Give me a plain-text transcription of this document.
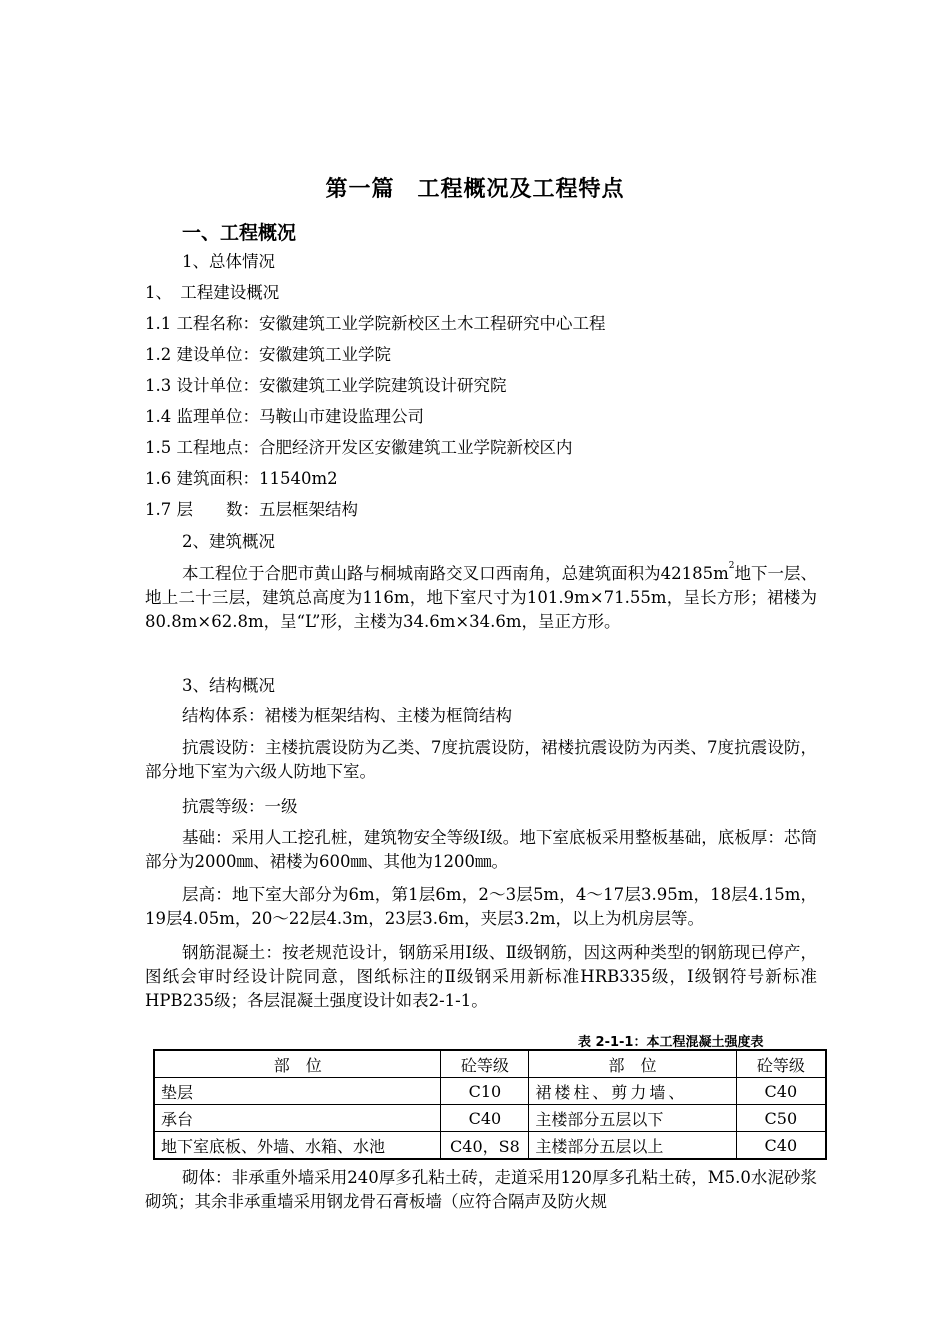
第一篇　工程概况及工程特点
一、工程概况
1、总体情况
1、　工程建设概况
1.1 工程名称：安徽建筑工业学院新校区土木工程研究中心工程
1.2 建设单位：安徽建筑工业学院
1.3 设计单位：安徽建筑工业学院建筑设计研究院
1.4 监理单位：马鞍山市建设监理公司
1.5 工程地点：合肥经济开发区安徽建筑工业学院新校区内
1.6 建筑面积：11540m2
1.7 层　　数：五层框架结构
2、建筑概况

本工程位于合肥市黄山路与桐城南路交叉口西南角，总建筑面积为$42185m^2$地下一层、地上二十三层，建筑总高度为116m，地下室尺寸为101.9m×71.55m，呈长方形；裙楼为80.8m×62.8m，呈“L”形，主楼为34.6m×34.6m，呈正方形。

3、结构概况

结构体系：裙楼为框架结构、主楼为框筒结构

抗震设防：主楼抗震设防为乙类、7度抗震设防，裙楼抗震设防为丙类、7度抗震设防，部分地下室为六级人防地下室。

抗震等级：一级

基础：采用人工挖孔桩，建筑物安全等级Ⅰ级。地下室底板采用整板基础，底板厚：芯筒部分为2000㎜、裙楼为600㎜、其他为1200㎜。

层高：地下室大部分为6m，第1层6m，2～3层5m，4～17层3.95m，18层4.15m，19层4.05m，20～22层4.3m，23层3.6m，夹层3.2m，以上为机房层等。

钢筋混凝土：按老规范设计，钢筋采用Ⅰ级、Ⅱ级钢筋，因这两种类型的钢筋现已停产，图纸会审时经设计院同意，图纸标注的Ⅱ级钢采用新标准HRB335级，Ⅰ级钢符号新标准HPB235级；各层混凝土强度设计如表2-1-1。

表 2-1-1：本工程混凝土强度表
部　位	砼等级	部　位	砼等级
垫层	C10	裙楼柱、剪力墙、	C40
承台	C40	主楼部分五层以下	C50
地下室底板、外墙、水箱、水池	C40，S8	主楼部分五层以上	C40

砌体：非承重外墙采用240厚多孔粘土砖，走道采用120厚多孔粘土砖，M5.0水泥砂浆砌筑；其余非承重墙采用钢龙骨石膏板墙（应符合隔声及防火规
